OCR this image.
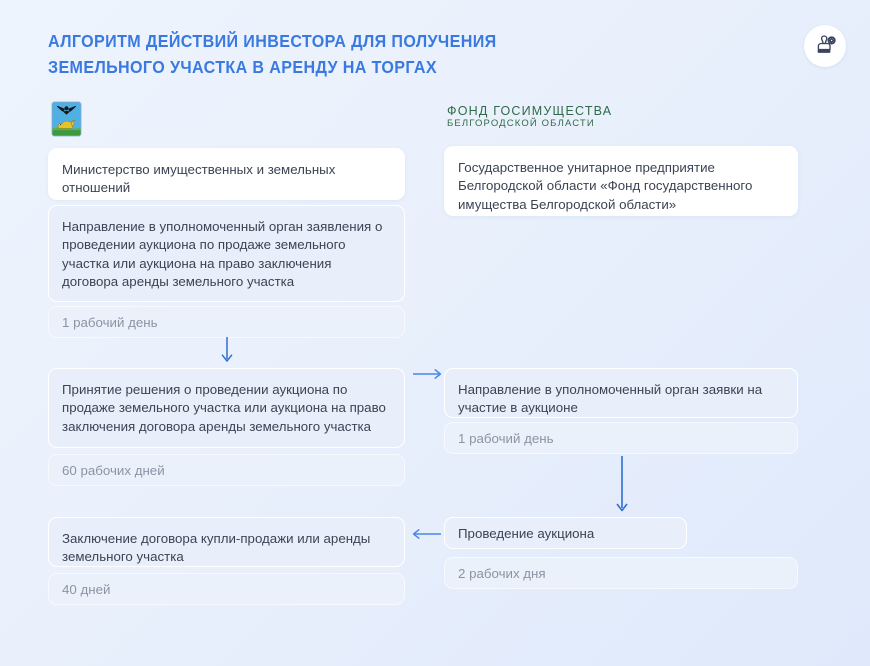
АЛГОРИТМ ДЕЙСТВИЙ ИНВЕСТОРА ДЛЯ ПОЛУЧЕНИЯ ЗЕМЕЛЬНОГО УЧАСТКА В АРЕНДУ НА ТОРГАХ
ФОНД ГОСИМУЩЕСТВА
БЕЛГОРОДСКОЙ ОБЛАСТИ
Министерство имущественных и земельных отношений
Направление в уполномоченный орган заявления о проведении аукциона по продаже земельного участка или аукциона на право заключения договора аренды земельного участка
1 рабочий день
Принятие решения о проведении аукциона по продаже земельного участка или аукциона на право заключения договора аренды земельного участка
60 рабочих дней
Заключение договора купли-продажи или аренды земельного участка
40 дней
Государственное унитарное предприятие Белгородской области «Фонд государственного имущества Белгородской области»
Направление в уполномоченный орган заявки на участие в аукционе
1 рабочий день
Проведение аукциона
2 рабочих дня
